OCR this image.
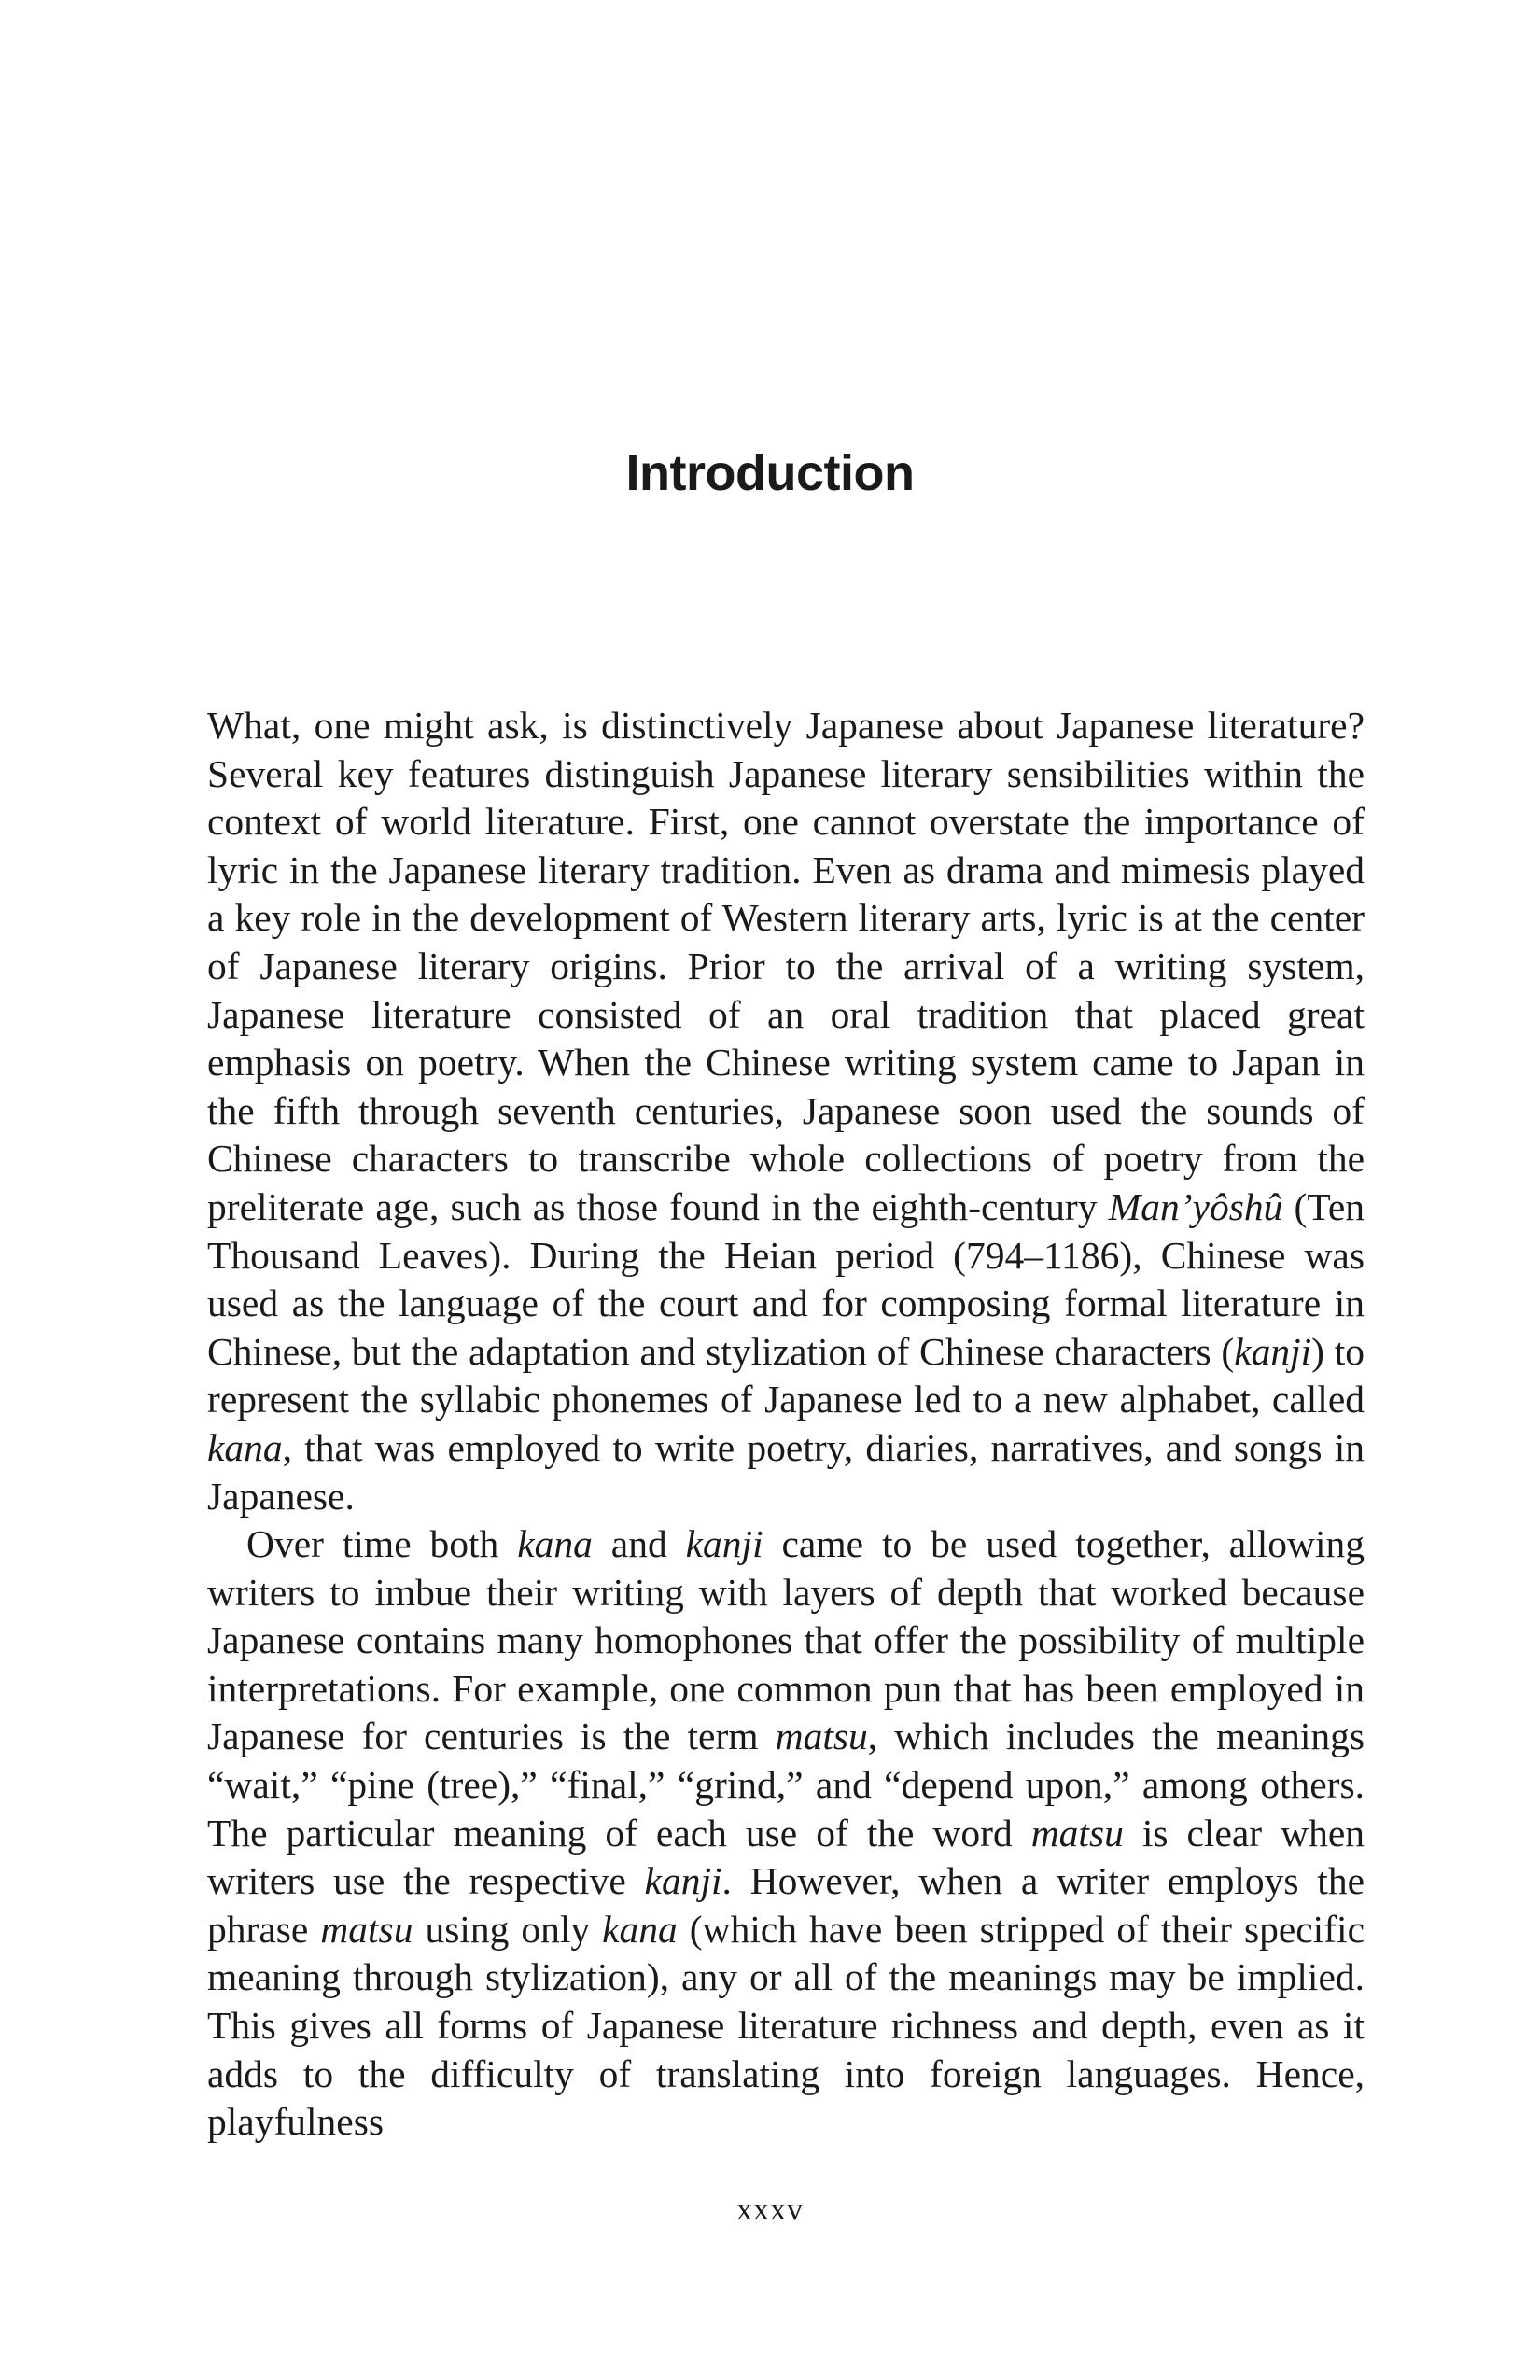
Introduction

What, one might ask, is distinctively Japanese about Japanese literature? Several key features distinguish Japanese literary sensibilities within the context of world literature. First, one cannot overstate the importance of lyric in the Japanese literary tradition. Even as drama and mimesis played a key role in the development of Western literary arts, lyric is at the center of Japanese literary origins. Prior to the arrival of a writing system, Japanese literature consisted of an oral tradition that placed great emphasis on poetry. When the Chinese writing system came to Japan in the fifth through seventh centuries, Japanese soon used the sounds of Chinese characters to transcribe whole collections of poetry from the preliterate age, such as those found in the eighth-century Man’yôshû (Ten Thousand Leaves). During the Heian period (794–1186), Chinese was used as the language of the court and for composing formal literature in Chinese, but the adaptation and stylization of Chinese characters (kanji) to represent the syllabic phonemes of Japanese led to a new alphabet, called kana, that was employed to write poetry, diaries, narratives, and songs in Japanese.

Over time both kana and kanji came to be used together, allowing writers to imbue their writing with layers of depth that worked because Japanese contains many homophones that offer the possibility of multiple interpretations. For example, one common pun that has been employed in Japanese for centuries is the term matsu, which includes the meanings “wait,” “pine (tree),” “final,” “grind,” and “depend upon,” among others. The particular meaning of each use of the word matsu is clear when writers use the respective kanji. However, when a writer employs the phrase matsu using only kana (which have been stripped of their specific meaning through stylization), any or all of the meanings may be implied. This gives all forms of Japanese literature richness and depth, even as it adds to the difficulty of translating into foreign languages. Hence, playfulness

xxxv
